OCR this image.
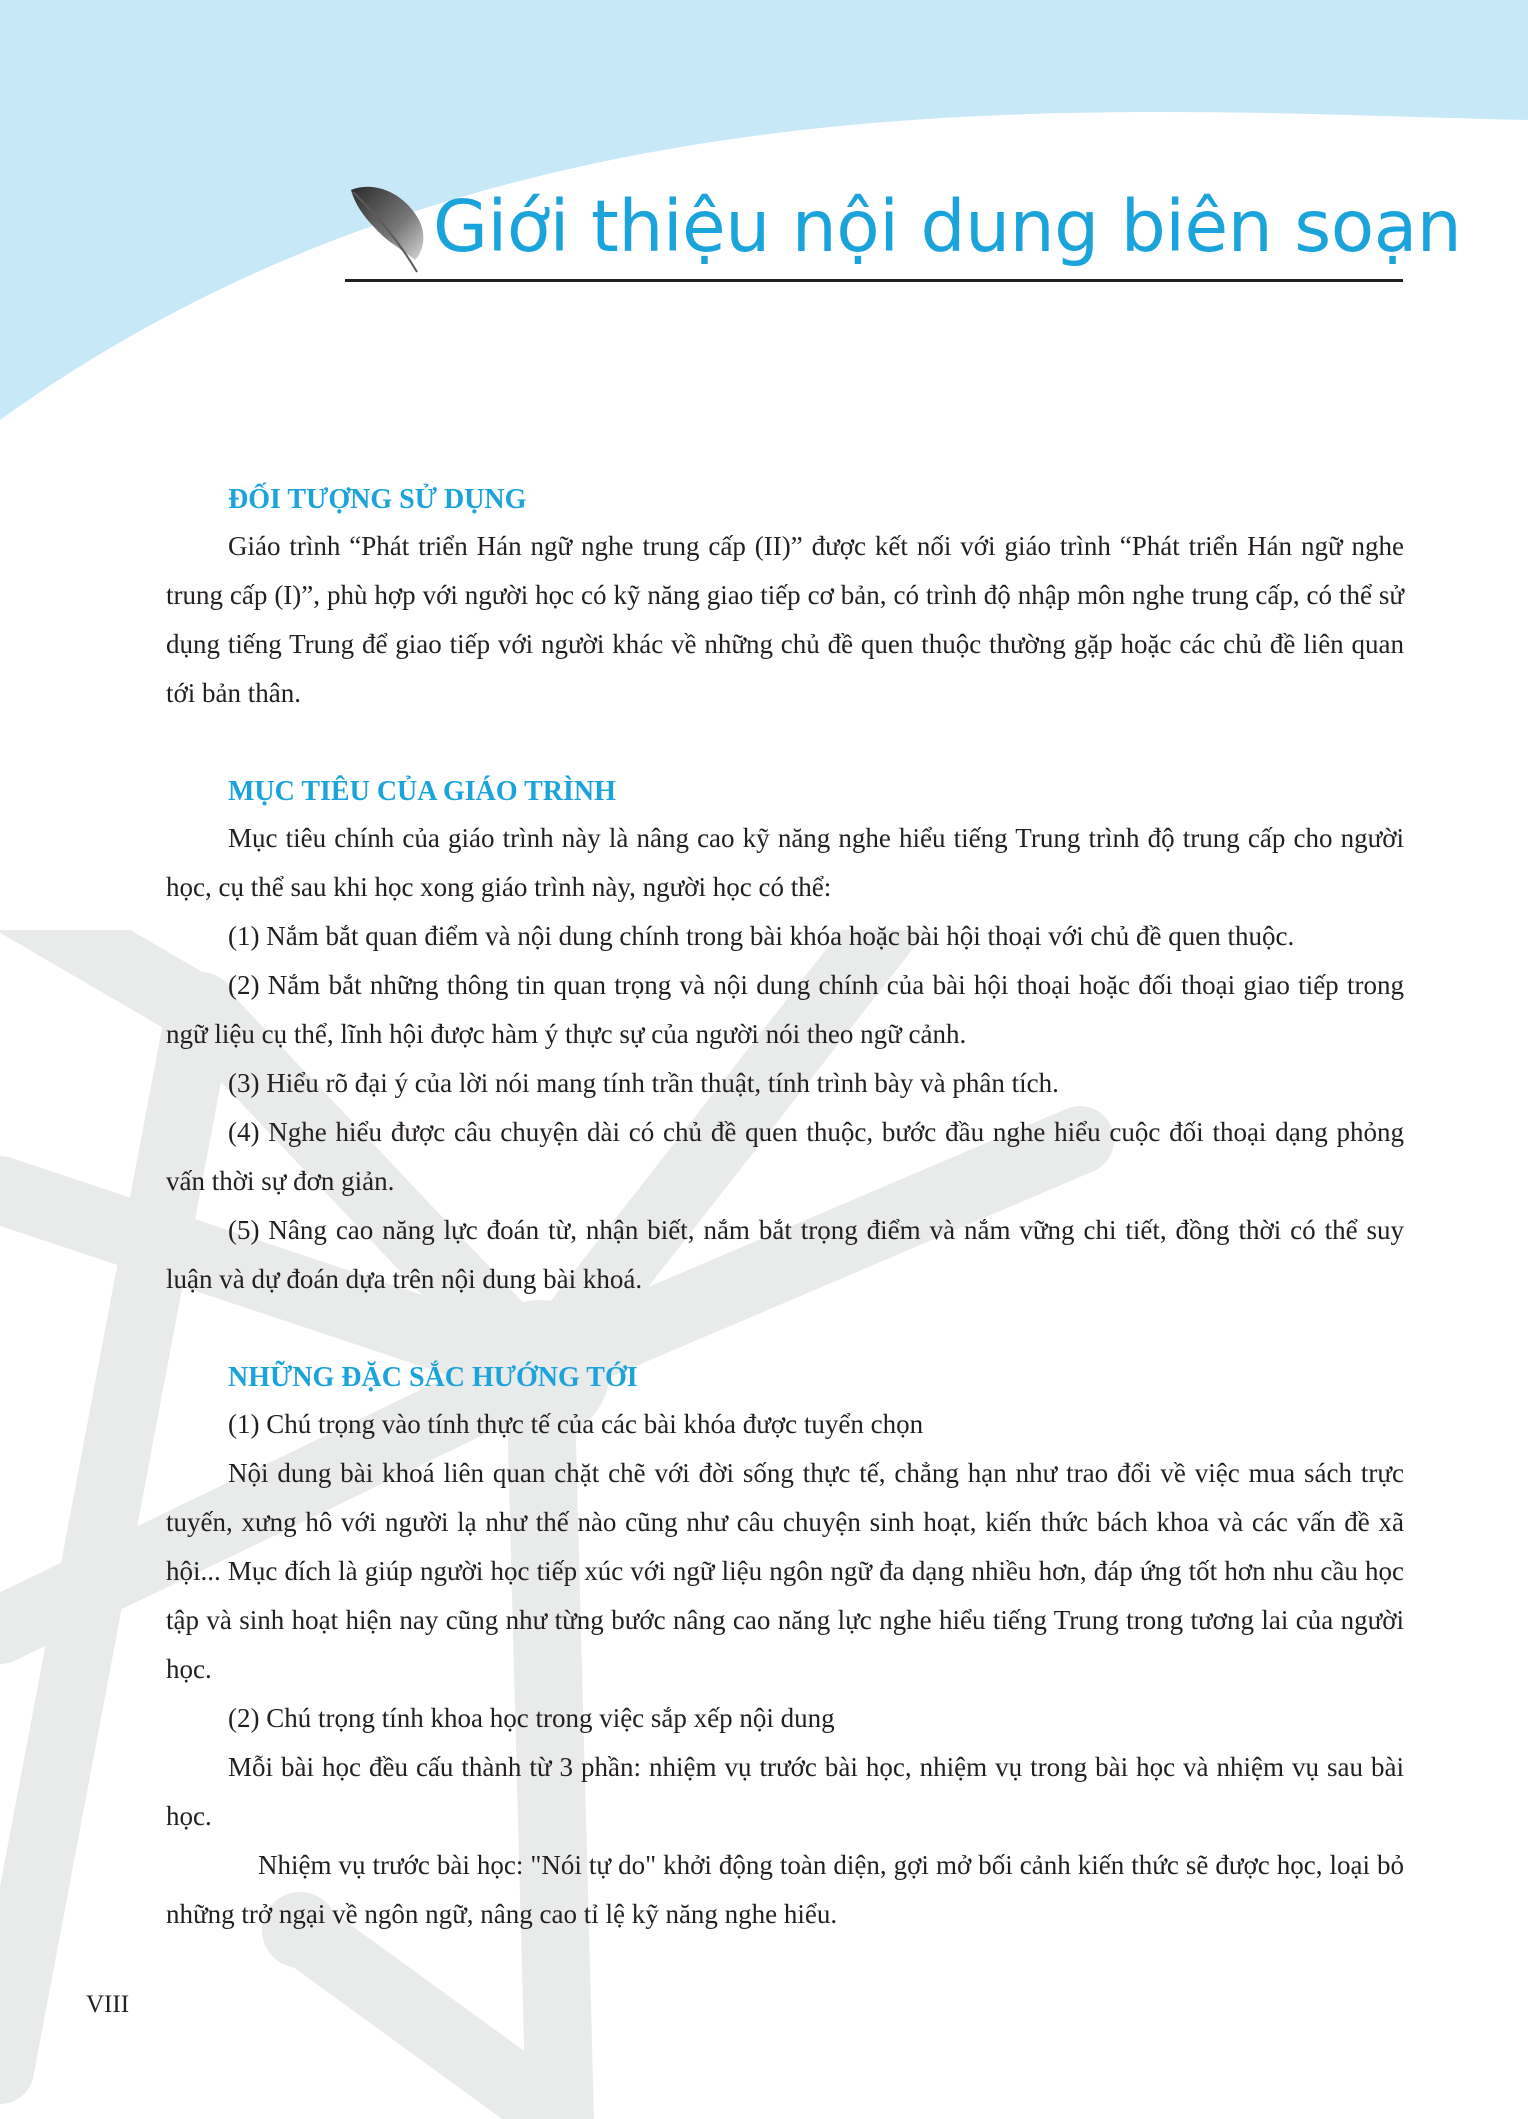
Giới thiệu nội dung biên soạn
ĐỐI TƯỢNG SỬ DỤNG

Giáo trình “Phát triển Hán ngữ nghe trung cấp (II)” được kết nối với giáo trình “Phát triển Hán ngữ nghe trung cấp (I)”, phù hợp với người học có kỹ năng giao tiếp cơ bản, có trình độ nhập môn nghe trung cấp, có thể sử dụng tiếng Trung để giao tiếp với người khác về những chủ đề quen thuộc thường gặp hoặc các chủ đề liên quan tới bản thân.

MỤC TIÊU CỦA GIÁO TRÌNH

Mục tiêu chính của giáo trình này là nâng cao kỹ năng nghe hiểu tiếng Trung trình độ trung cấp cho người học, cụ thể sau khi học xong giáo trình này, người học có thể:

(1) Nắm bắt quan điểm và nội dung chính trong bài khóa hoặc bài hội thoại với chủ đề quen thuộc.

(2) Nắm bắt những thông tin quan trọng và nội dung chính của bài hội thoại hoặc đối thoại giao tiếp trong ngữ liệu cụ thể, lĩnh hội được hàm ý thực sự của người nói theo ngữ cảnh.

(3) Hiểu rõ đại ý của lời nói mang tính trần thuật, tính trình bày và phân tích.

(4) Nghe hiểu được câu chuyện dài có chủ đề quen thuộc, bước đầu nghe hiểu cuộc đối thoại dạng phỏng vấn thời sự đơn giản.

(5) Nâng cao năng lực đoán từ, nhận biết, nắm bắt trọng điểm và nắm vững chi tiết, đồng thời có thể suy luận và dự đoán dựa trên nội dung bài khoá.

NHỮNG ĐẶC SẮC HƯỚNG TỚI

(1) Chú trọng vào tính thực tế của các bài khóa được tuyển chọn

Nội dung bài khoá liên quan chặt chẽ với đời sống thực tế, chẳng hạn như trao đổi về việc mua sách trực tuyến, xưng hô với người lạ như thế nào cũng như câu chuyện sinh hoạt, kiến thức bách khoa và các vấn đề xã hội... Mục đích là giúp người học tiếp xúc với ngữ liệu ngôn ngữ đa dạng nhiều hơn, đáp ứng tốt hơn nhu cầu học tập và sinh hoạt hiện nay cũng như từng bước nâng cao năng lực nghe hiểu tiếng Trung trong tương lai của người học.

(2) Chú trọng tính khoa học trong việc sắp xếp nội dung

Mỗi bài học đều cấu thành từ 3 phần: nhiệm vụ trước bài học, nhiệm vụ trong bài học và nhiệm vụ sau bài học.

Nhiệm vụ trước bài học: "Nói tự do" khởi động toàn diện, gợi mở bối cảnh kiến thức sẽ được học, loại bỏ những trở ngại về ngôn ngữ, nâng cao tỉ lệ kỹ năng nghe hiểu.

VIII
